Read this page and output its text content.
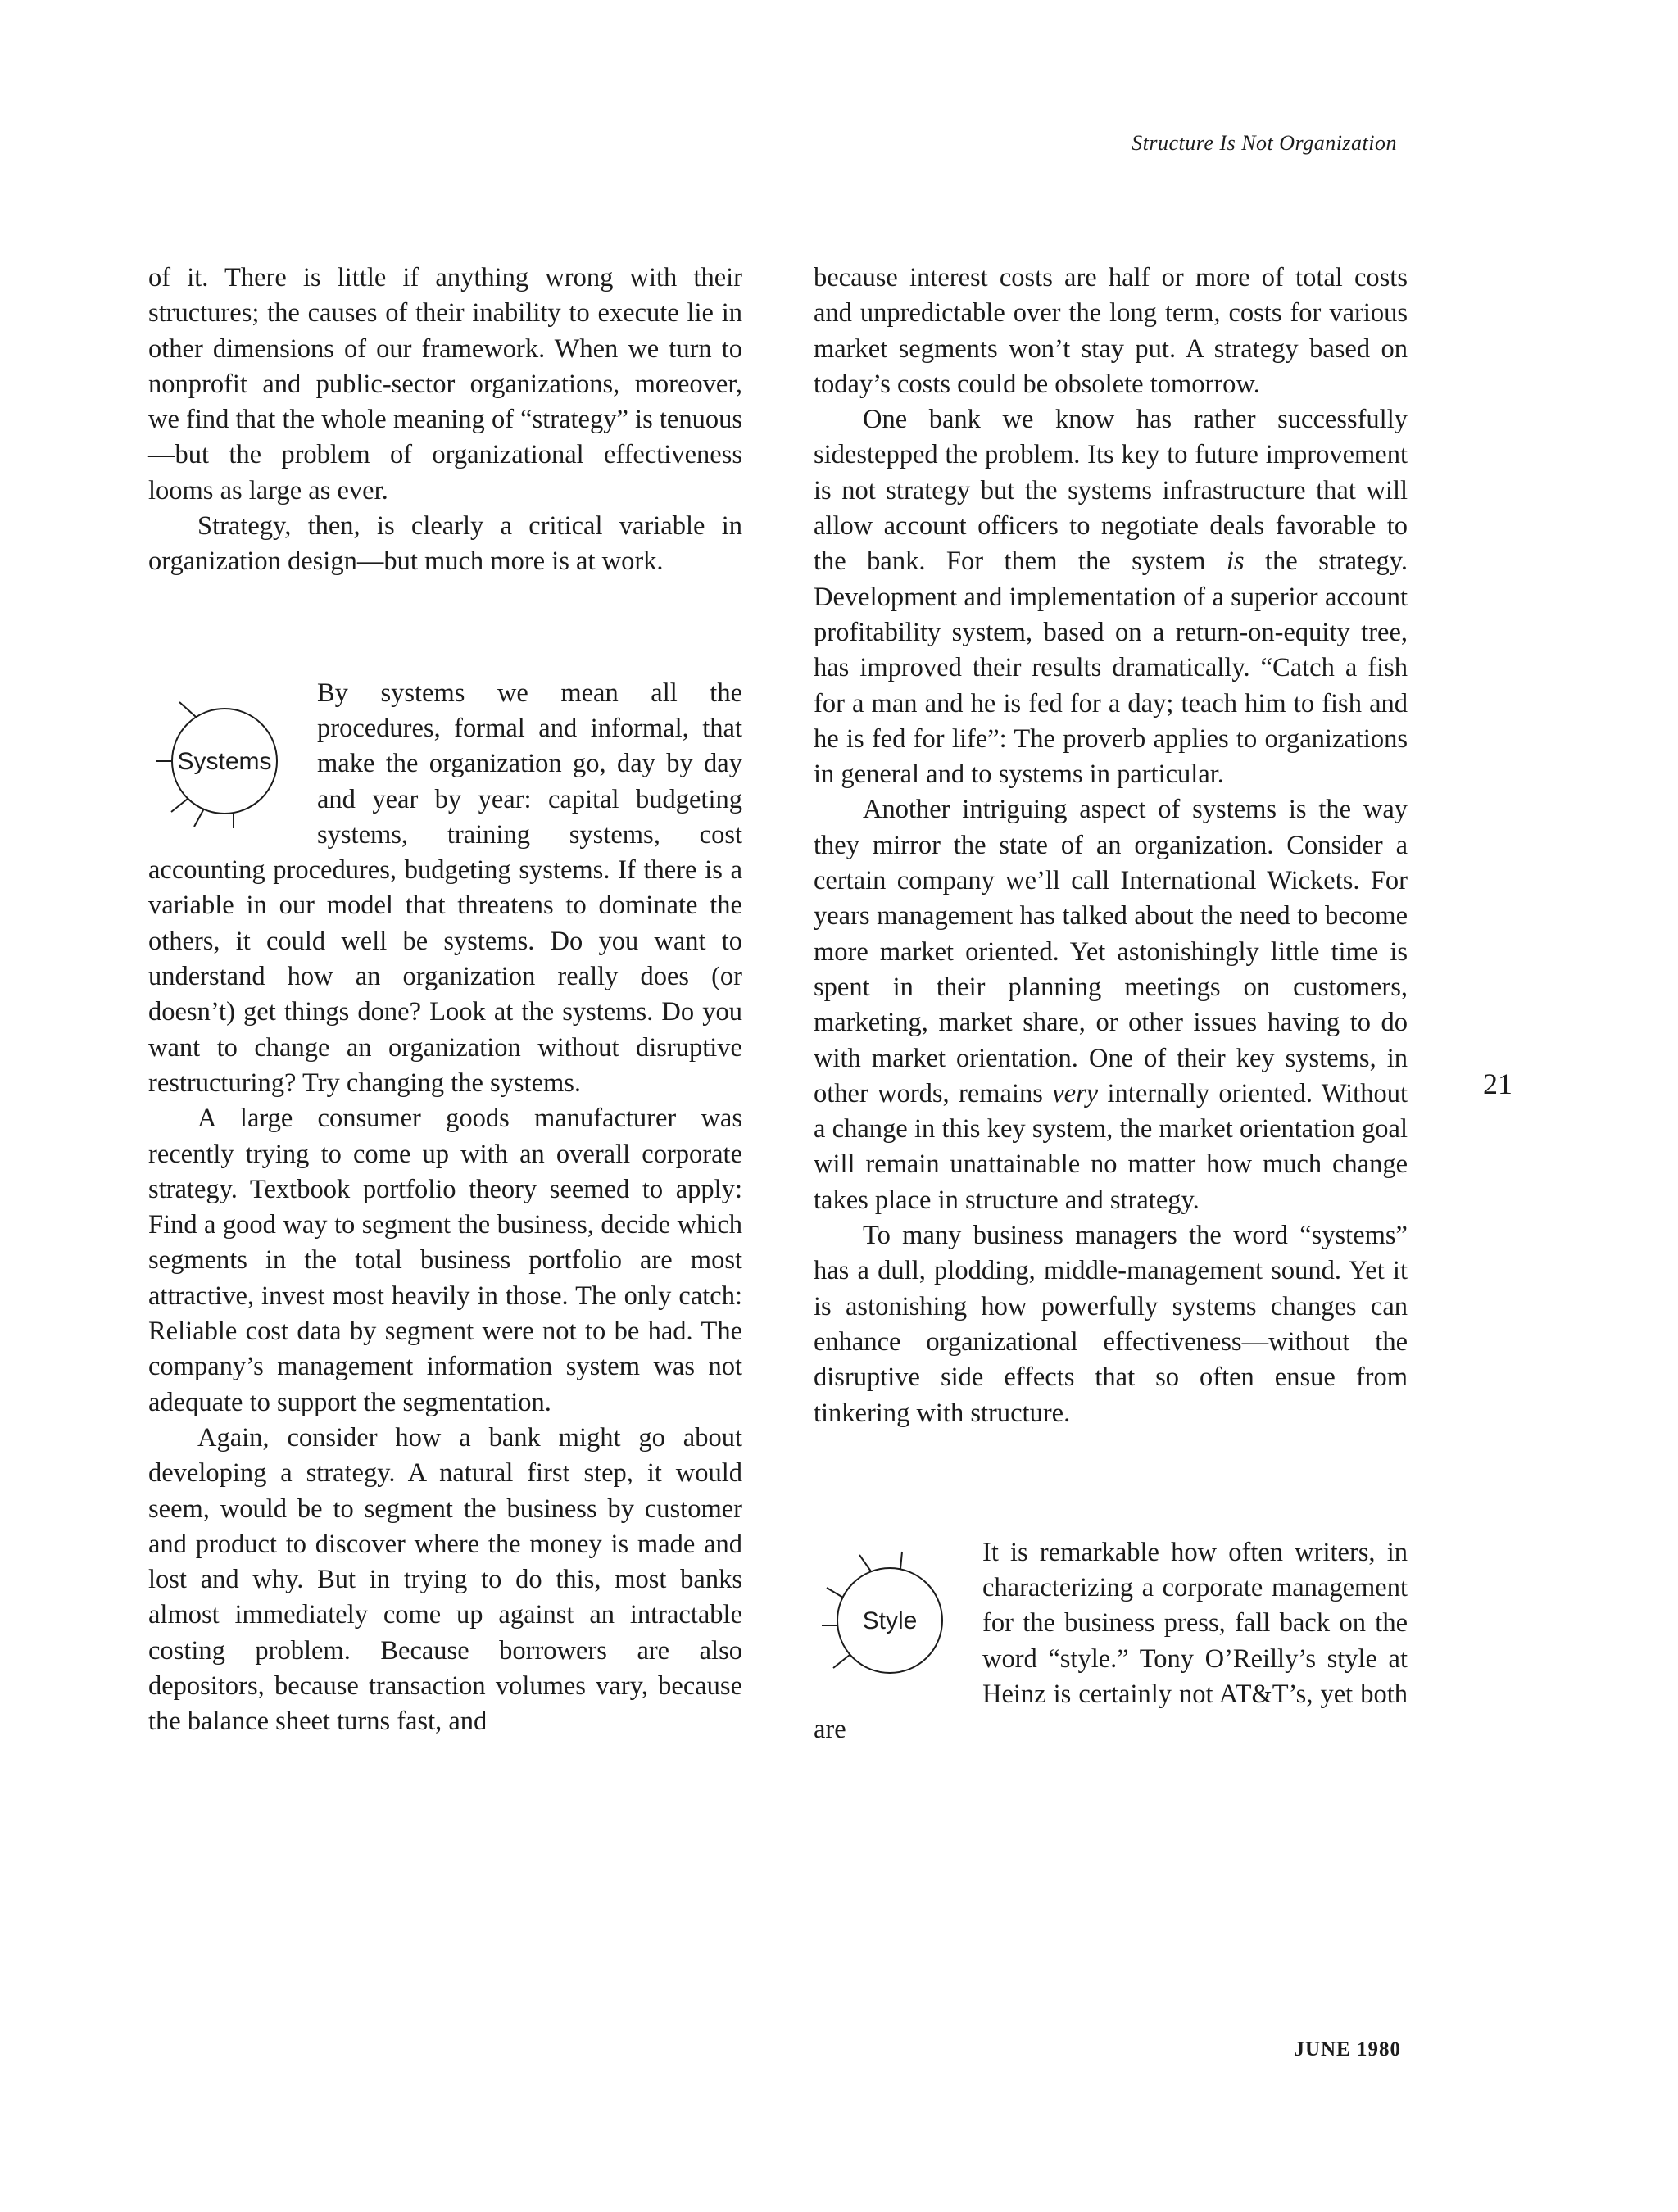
Structure Is Not Organization

of it. There is little if anything wrong with their structures; the causes of their inability to execute lie in other dimensions of our framework. When we turn to nonprofit and public-sector organizations, moreover, we find that the whole meaning of “strategy” is tenuous—but the problem of organizational effectiveness looms as large as ever.

Strategy, then, is clearly a critical variable in organization design—but much more is at work.

Systems
By systems we mean all the procedures, formal and informal, that make the organization go, day by day and year by year: capital budgeting systems, training systems, cost accounting procedures, budgeting systems. If there is a variable in our model that threatens to dominate the others, it could well be systems. Do you want to understand how an organization really does (or doesn’t) get things done? Look at the systems. Do you want to change an organization without disruptive restructuring? Try changing the systems.

A large consumer goods manufacturer was recently trying to come up with an overall corporate strategy. Textbook portfolio theory seemed to apply: Find a good way to segment the business, decide which segments in the total business portfolio are most attractive, invest most heavily in those. The only catch: Reliable cost data by segment were not to be had. The company’s management information system was not adequate to support the segmentation.

Again, consider how a bank might go about developing a strategy. A natural first step, it would seem, would be to segment the business by customer and product to discover where the money is made and lost and why. But in trying to do this, most banks almost immediately come up against an intractable costing problem. Because borrowers are also depositors, because transaction volumes vary, because the balance sheet turns fast, and

because interest costs are half or more of total costs and unpredictable over the long term, costs for various market segments won’t stay put. A strategy based on today’s costs could be obsolete tomorrow.

One bank we know has rather successfully sidestepped the problem. Its key to future improvement is not strategy but the systems infrastructure that will allow account officers to negotiate deals favorable to the bank. For them the system is the strategy. Development and implementation of a superior account profitability system, based on a return-on-equity tree, has improved their results dramatically. “Catch a fish for a man and he is fed for a day; teach him to fish and he is fed for life”: The proverb applies to organizations in general and to systems in particular.

Another intriguing aspect of systems is the way they mirror the state of an organization. Consider a certain company we’ll call International Wickets. For years management has talked about the need to become more market oriented. Yet astonishingly little time is spent in their planning meetings on customers, marketing, market share, or other issues having to do with market orientation. One of their key systems, in other words, remains very internally oriented. Without a change in this key system, the market orientation goal will remain unattainable no matter how much change takes place in structure and strategy.

To many business managers the word “systems” has a dull, plodding, middle-management sound. Yet it is astonishing how powerfully systems changes can enhance organizational effectiveness—without the disruptive side effects that so often ensue from tinkering with structure.

Style
It is remarkable how often writers, in characterizing a corporate management for the business press, fall back on the word “style.” Tony O’Reilly’s style at Heinz is certainly not AT&T’s, yet both are

21
JUNE 1980
